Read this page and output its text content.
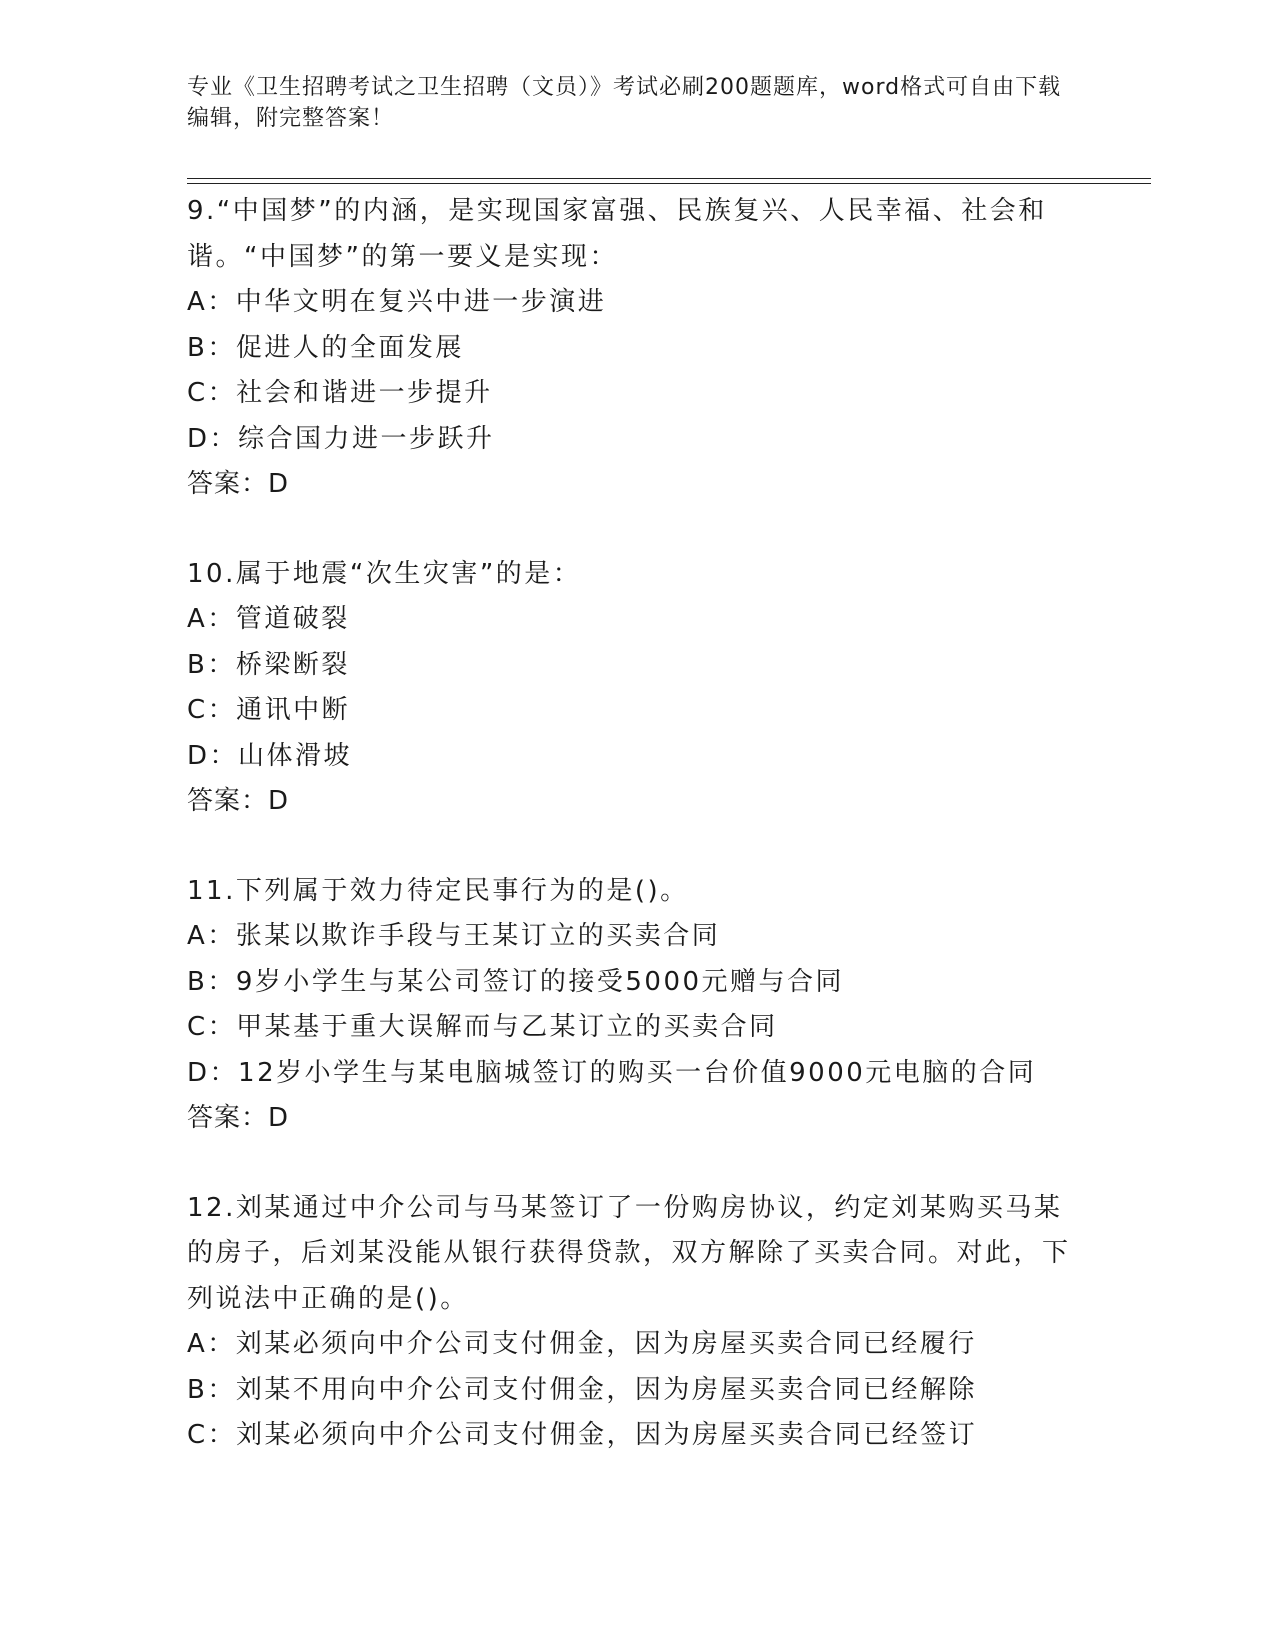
专业《卫生招聘考试之卫生招聘（文员）》考试必刷200题题库，word格式可自由下载编辑，附完整答案！
9.“中国梦”的内涵，是实现国家富强、民族复兴、人民幸福、社会和谐。“中国梦”的第一要义是实现：
A：中华文明在复兴中进一步演进
B：促进人的全面发展
C：社会和谐进一步提升
D：综合国力进一步跃升
答案：D
10.属于地震“次生灾害”的是：
A：管道破裂
B：桥梁断裂
C：通讯中断
D：山体滑坡
答案：D
11.下列属于效力待定民事行为的是()。
A：张某以欺诈手段与王某订立的买卖合同
B：9岁小学生与某公司签订的接受5000元赠与合同
C：甲某基于重大误解而与乙某订立的买卖合同
D：12岁小学生与某电脑城签订的购买一台价值9000元电脑的合同
答案：D
12.刘某通过中介公司与马某签订了一份购房协议，约定刘某购买马某的房子，后刘某没能从银行获得贷款，双方解除了买卖合同。对此，下列说法中正确的是()。
A：刘某必须向中介公司支付佣金，因为房屋买卖合同已经履行
B：刘某不用向中介公司支付佣金，因为房屋买卖合同已经解除
C：刘某必须向中介公司支付佣金，因为房屋买卖合同已经签订
